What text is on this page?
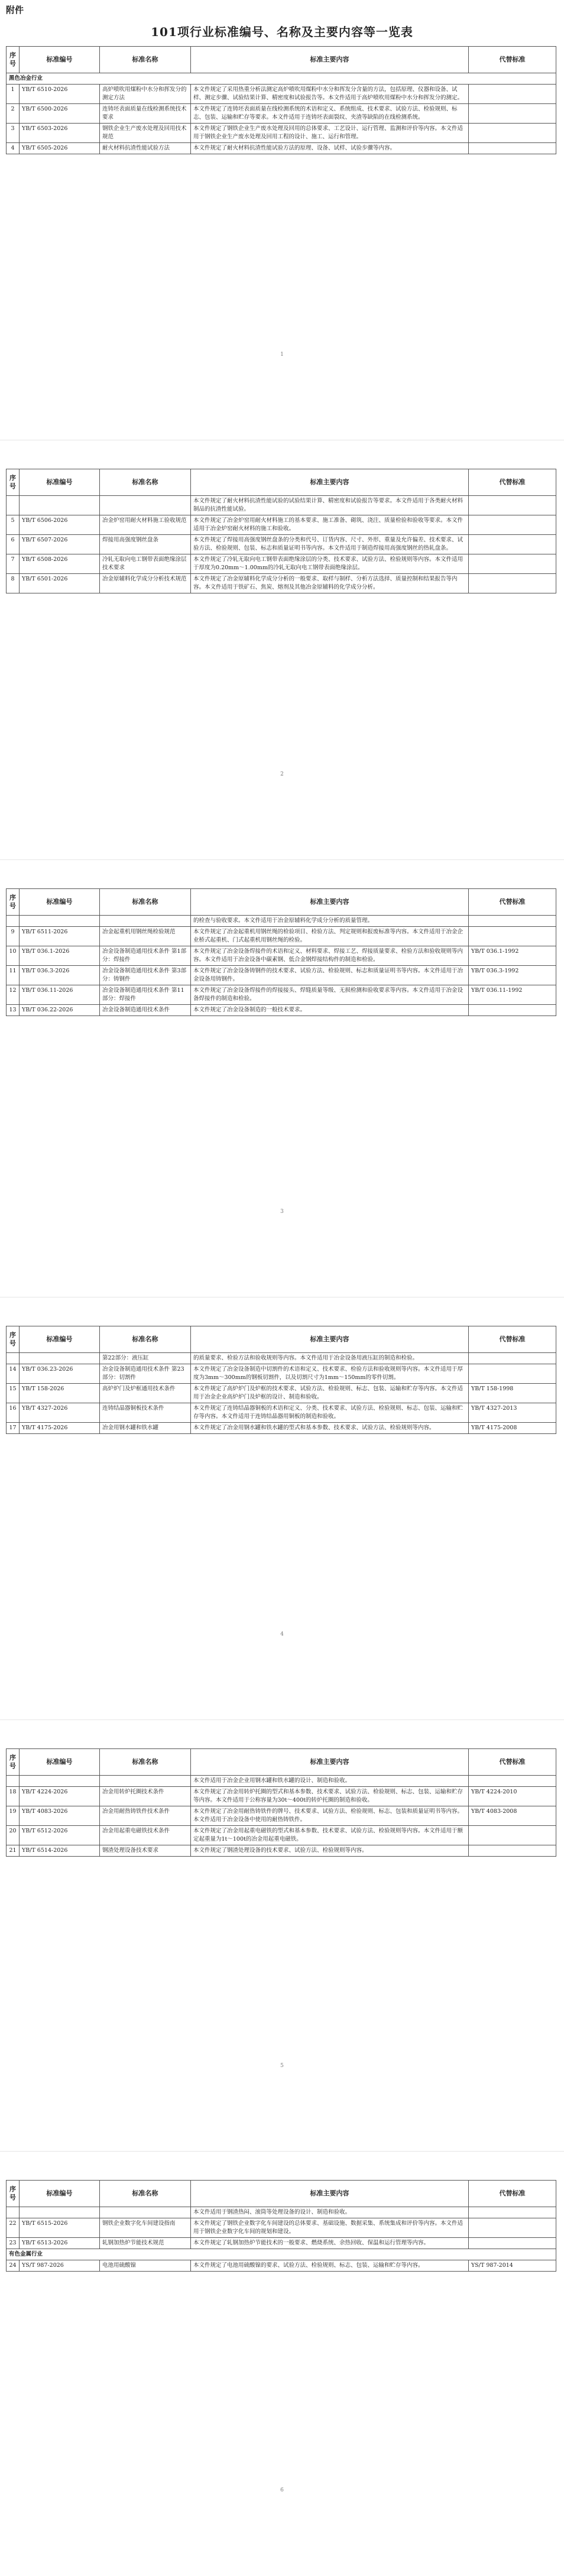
附件
101项行业标准编号、名称及主要内容等一览表
序号	标准编号	标准名称	标准主要内容	代替标准
黑色冶金行业				
1	YB/T 6510-2026	高炉喷吹用煤粉中水分和挥发分的测定方法	本文件规定了采用热重分析法测定高炉喷吹用煤粉中水分和挥发分含量的方法，包括原理、仪器和设备、试样、测定步骤、试验结果计算、精密度和试验报告等。本文件适用于高炉喷吹用煤粉中水分和挥发分的测定。	
2	YB/T 6500-2026	连铸坯表面质量在线检测系统技术要求	本文件规定了连铸坯表面质量在线检测系统的术语和定义、系统组成、技术要求、试验方法、检验规则、标志、包装、运输和贮存等要求。本文件适用于连铸坯表面裂纹、夹渣等缺陷的在线检测系统。	
3	YB/T 6503-2026	钢铁企业生产废水处理及回用技术规范	本文件规定了钢铁企业生产废水处理及回用的总体要求、工艺设计、运行管理、监测和评价等内容。本文件适用于钢铁企业生产废水处理及回用工程的设计、施工、运行和管理。	
4	YB/T 6505-2026	耐火材料抗渣性能试验方法	本文件规定了耐火材料抗渣性能试验方法的原理、设备、试样、试验步骤等内容。	
1
序号	标准编号	标准名称	标准主要内容	代替标准
			本文件规定了耐火材料抗渣性能试验的试验结果计算、精密度和试验报告等要求。本文件适用于各类耐火材料制品的抗渣性能试验。	
5	YB/T 6506-2026	冶金炉窑用耐火材料施工验收规范	本文件规定了冶金炉窑用耐火材料施工的基本要求、施工准备、砌筑、浇注、质量检验和验收等要求。本文件适用于冶金炉窑耐火材料的施工和验收。	
6	YB/T 6507-2026	焊接用高强度钢丝盘条	本文件规定了焊接用高强度钢丝盘条的分类和代号、订货内容、尺寸、外形、重量及允许偏差、技术要求、试验方法、检验规则、包装、标志和质量证明书等内容。本文件适用于制造焊接用高强度钢丝的热轧盘条。	
7	YB/T 6508-2026	冷轧无取向电工钢带表面绝缘涂层技术要求	本文件规定了冷轧无取向电工钢带表面绝缘涂层的分类、技术要求、试验方法、检验规则等内容。本文件适用于厚度为0.20mm～1.00mm的冷轧无取向电工钢带表面绝缘涂层。	
8	YB/T 6501-2026	冶金原辅料化学成分分析技术规范	本文件规定了冶金原辅料化学成分分析的一般要求、取样与制样、分析方法选择、质量控制和结果报告等内容。本文件适用于铁矿石、焦炭、熔剂及其他冶金原辅料的化学成分分析。	
2
序号	标准编号	标准名称	标准主要内容	代替标准
			的检查与验收要求。本文件适用于冶金原辅料化学成分分析的质量管理。	
9	YB/T 6511-2026	冶金起重机用钢丝绳检验规范	本文件规定了冶金起重机用钢丝绳的检验项目、检验方法、判定规则和报废标准等内容。本文件适用于冶金企业桥式起重机、门式起重机用钢丝绳的检验。	
10	YB/T 036.1-2026	冶金设备制造通用技术条件 第1部分：焊接件	本文件规定了冶金设备焊接件的术语和定义、材料要求、焊接工艺、焊接质量要求、检验方法和验收规则等内容。本文件适用于冶金设备中碳素钢、低合金钢焊接结构件的制造和检验。	YB/T 036.1-1992
11	YB/T 036.3-2026	冶金设备制造通用技术条件 第3部分：铸钢件	本文件规定了冶金设备铸钢件的技术要求、试验方法、检验规则、标志和质量证明书等内容。本文件适用于冶金设备用铸钢件。	YB/T 036.3-1992
12	YB/T 036.11-2026	冶金设备制造通用技术条件 第11部分：焊接件	本文件规定了冶金设备焊接件的焊接接头、焊缝质量等级、无损检测和验收要求等内容。本文件适用于冶金设备焊接件的制造和检验。	YB/T 036.11-1992
13	YB/T 036.22-2026	冶金设备制造通用技术条件	本文件规定了冶金设备制造的一般技术要求。	
3
序号	标准编号	标准名称	标准主要内容	代替标准
		第22部分：液压缸	的质量要求、检验方法和验收规则等内容。本文件适用于冶金设备用液压缸的制造和检验。	
14	YB/T 036.23-2026	冶金设备制造通用技术条件 第23部分：切割件	本文件规定了冶金设备制造中切割件的术语和定义、技术要求、检验方法和验收规则等内容。本文件适用于厚度为3mm～300mm的钢板切割件，以及切割尺寸为1mm～150mm的零件切割。	
15	YB/T 158-2026	高炉炉门及炉框通用技术条件	本文件规定了高炉炉门及炉框的技术要求、试验方法、检验规则、标志、包装、运输和贮存等内容。本文件适用于冶金企业高炉炉门及炉框的设计、制造和验收。	YB/T 158-1998
16	YB/T 4327-2026	连铸结晶器铜板技术条件	本文件规定了连铸结晶器铜板的术语和定义、分类、技术要求、试验方法、检验规则、标志、包装、运输和贮存等内容。本文件适用于连铸结晶器用铜板的制造和验收。	YB/T 4327-2013
17	YB/T 4175-2026	冶金用钢水罐和铁水罐	本文件规定了冶金用钢水罐和铁水罐的型式和基本参数、技术要求、试验方法、检验规则等内容。	YB/T 4175-2008
4
序号	标准编号	标准名称	标准主要内容	代替标准
			本文件适用于冶金企业用钢水罐和铁水罐的设计、制造和验收。	
18	YB/T 4224-2026	冶金用转炉托圈技术条件	本文件规定了冶金用转炉托圈的型式和基本参数、技术要求、试验方法、检验规则、标志、包装、运输和贮存等内容。本文件适用于公称容量为30t～400t的转炉托圈的制造和验收。	YB/T 4224-2010
19	YB/T 4083-2026	冶金用耐热铸铁件技术条件	本文件规定了冶金用耐热铸铁件的牌号、技术要求、试验方法、检验规则、标志、包装和质量证明书等内容。本文件适用于冶金设备中使用的耐热铸铁件。	YB/T 4083-2008
20	YB/T 6512-2026	冶金用起重电磁铁技术条件	本文件规定了冶金用起重电磁铁的型式和基本参数、技术要求、试验方法、检验规则等内容。本文件适用于额定起重量为1t～100t的冶金用起重电磁铁。	
21	YB/T 6514-2026	钢渣处理设备技术要求	本文件规定了钢渣处理设备的技术要求、试验方法、检验规则等内容。	
5
序号	标准编号	标准名称	标准主要内容	代替标准
			本文件适用于钢渣热闷、滚筒等处理设备的设计、制造和验收。	
22	YB/T 6515-2026	钢铁企业数字化车间建设指南	本文件规定了钢铁企业数字化车间建设的总体要求、基础设施、数据采集、系统集成和评价等内容。本文件适用于钢铁企业数字化车间的规划和建设。	
23	YB/T 6513-2026	轧钢加热炉节能技术规范	本文件规定了轧钢加热炉节能技术的一般要求、燃烧系统、余热回收、保温和运行管理等内容。	
有色金属行业				
24	YS/T 987-2026	电池用硫酸镍	本文件规定了电池用硫酸镍的要求、试验方法、检验规则、标志、包装、运输和贮存等内容。	YS/T 987-2014
6
